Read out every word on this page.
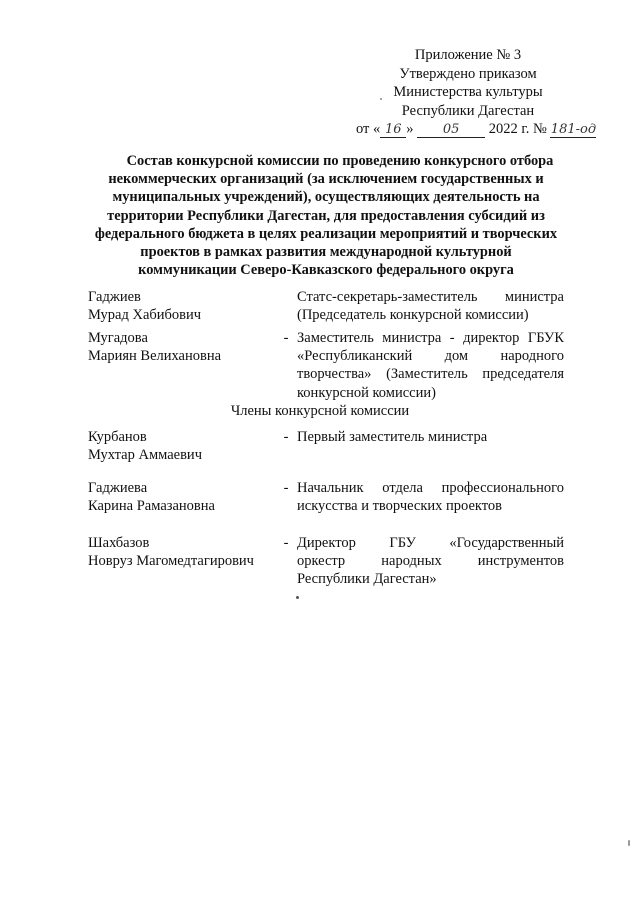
Приложение № 3
Утверждено приказом
Министерства культуры
Республики Дагестан
от « 16 » 05 2022 г. № 181-од
Состав конкурсной комиссии по проведению конкурсного отбора
некоммерческих организаций (за исключением государственных и
муниципальных учреждений), осуществляющих деятельность на
территории Республики Дагестан, для предоставления субсидий из
федерального бюджета в целях реализации мероприятий и творческих
проектов в рамках развития международной культурной
коммуникации Северо-Кавказского федерального округа
Гаджиев
Мурад Хабибович
Статс-секретарь-заместитель министра
(Председатель конкурсной комиссии)
Мугадова
Мариян Велихановна
- Заместитель министра - директор ГБУК
«Республиканский дом народного
творчества» (Заместитель председателя
конкурсной комиссии)
Члены конкурсной комиссии
Курбанов
Мухтар Аммаевич
- Первый заместитель министра
Гаджиева
Карина Рамазановна
- Начальник отдела профессионального
искусства и творческих проектов
Шахбазов
Новруз Магомедтагирович
- Директор ГБУ «Государственный
оркестр народных инструментов
Республики Дагестан»
